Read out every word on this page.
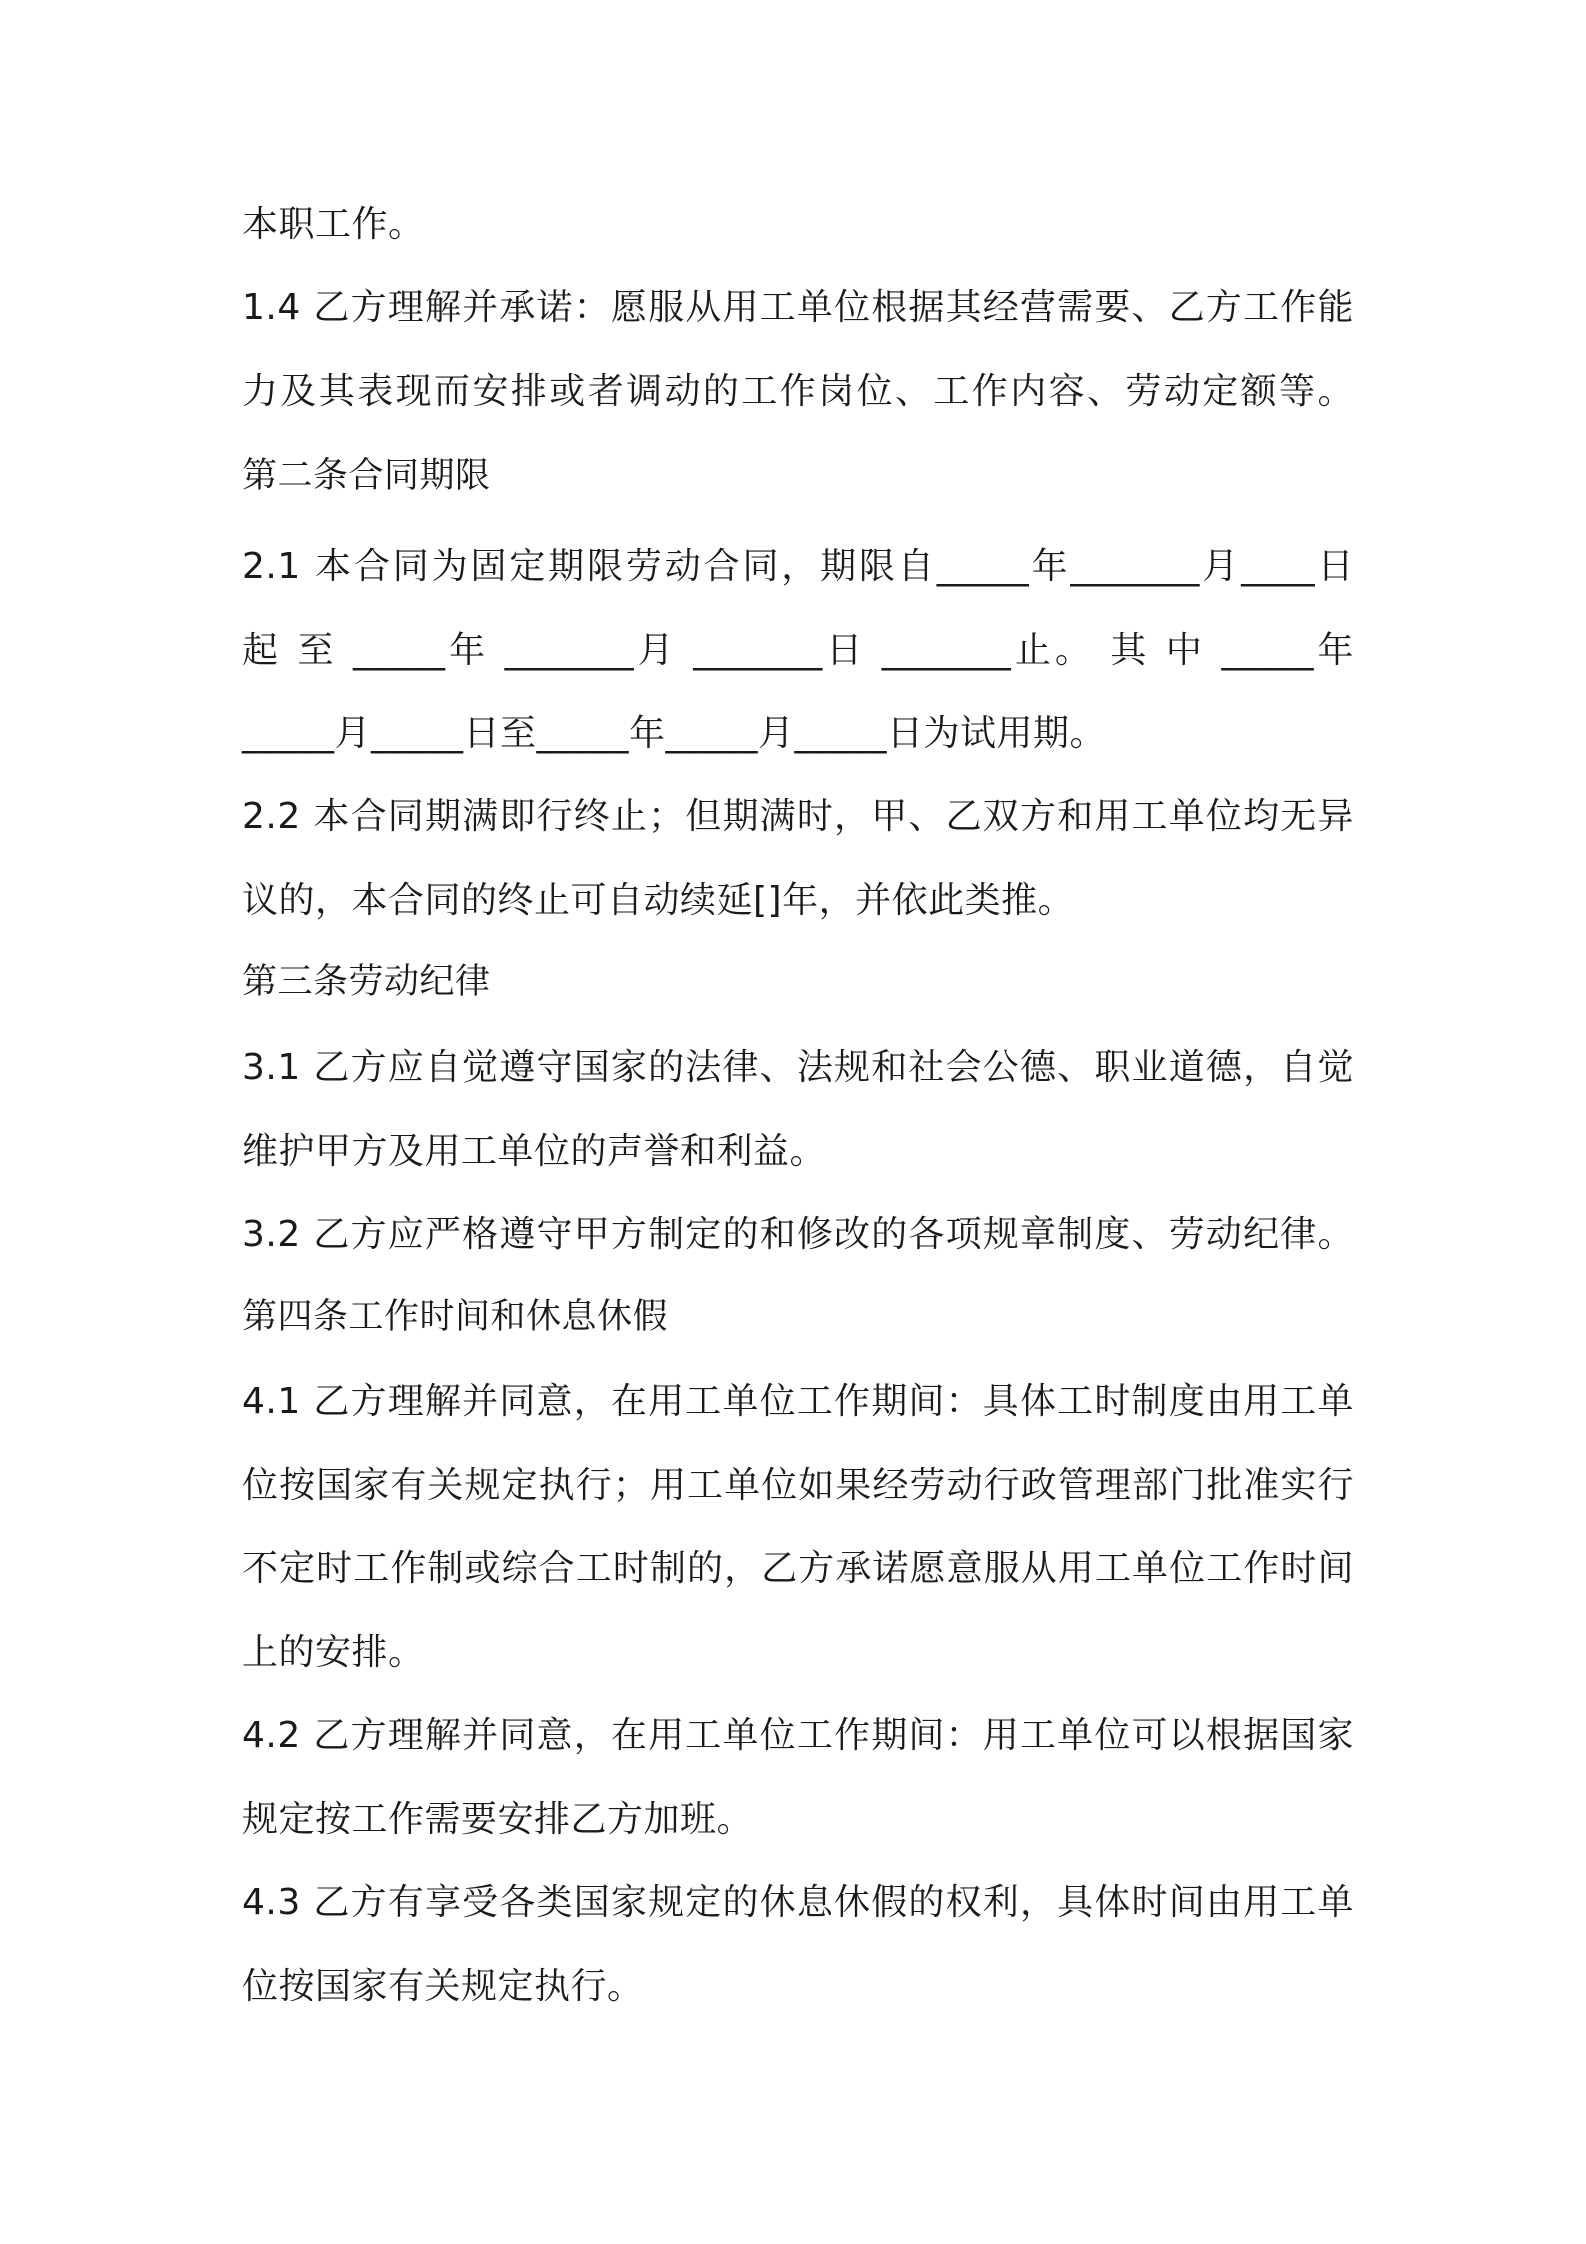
本职工作。
1.4 乙方理解并承诺：愿服从用工单位根据其经营需要、乙方工作能
力及其表现而安排或者调动的工作岗位、工作内容、劳动定额等。
第二条合同期限
2.1 本合同为固定期限劳动合同，期限自_____年_______月____日
起 至 _____年 _______月 _______日 _______止。 其 中 _____年
_____月_____日至_____年_____月_____日为试用期。
2.2 本合同期满即行终止；但期满时，甲、乙双方和用工单位均无异
议的，本合同的终止可自动续延[]年，并依此类推。
第三条劳动纪律
3.1 乙方应自觉遵守国家的法律、法规和社会公德、职业道德，自觉
维护甲方及用工单位的声誉和利益。
3.2 乙方应严格遵守甲方制定的和修改的各项规章制度、劳动纪律。
第四条工作时间和休息休假
4.1 乙方理解并同意，在用工单位工作期间：具体工时制度由用工单
位按国家有关规定执行；用工单位如果经劳动行政管理部门批准实行
不定时工作制或综合工时制的，乙方承诺愿意服从用工单位工作时间
上的安排。
4.2 乙方理解并同意，在用工单位工作期间：用工单位可以根据国家
规定按工作需要安排乙方加班。
4.3 乙方有享受各类国家规定的休息休假的权利，具体时间由用工单
位按国家有关规定执行。
